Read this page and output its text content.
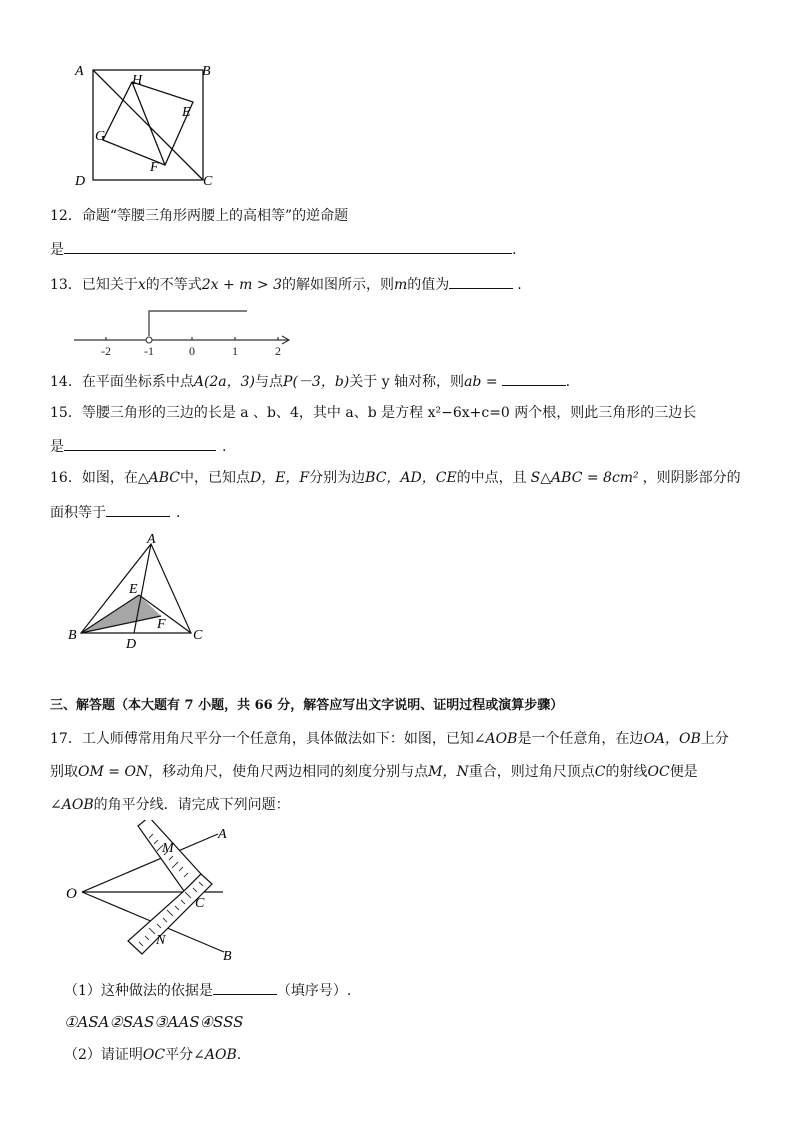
A	B
C
D
E
F
G
H
12．命题“等腰三角形两腰上的高相等”的逆命题
是	.
13．已知关于x的不等式2x + m > 3的解如图所示，则m的值为	.
-2	-1	0	1	2
14．在平面坐标系中点A(2a，3)与点P(－3，b)关于 y 轴对称，则ab =	.
15．等腰三角形的三边的长是 a 、b、4，其中 a、b 是方程 x²−6x+c=0 两个根，则此三角形的三边长
是	.
16．如图，在△ABC中，已知点D，E，F分别为边BC，AD，CE的中点，且 S△ABC = 8cm² ，则阴影部分的
面积等于	.
A
B	C
D
E
F
三、解答题（本大题有 7 小题，共 66 分，解答应写出文字说明、证明过程或演算步骤）
17．工人师傅常用角尺平分一个任意角，具体做法如下：如图，已知∠AOB是一个任意角，在边OA，OB上分
别取OM = ON，移动角尺，使角尺两边相同的刻度分别与点M，N重合，则过角尺顶点C的射线OC便是
∠AOB的角平分线．请完成下列问题：
O
A
B
C
M
N
（1）这种做法的依据是	（填序号）.
①ASA②SAS③AAS④SSS
（2）请证明OC平分∠AOB.
